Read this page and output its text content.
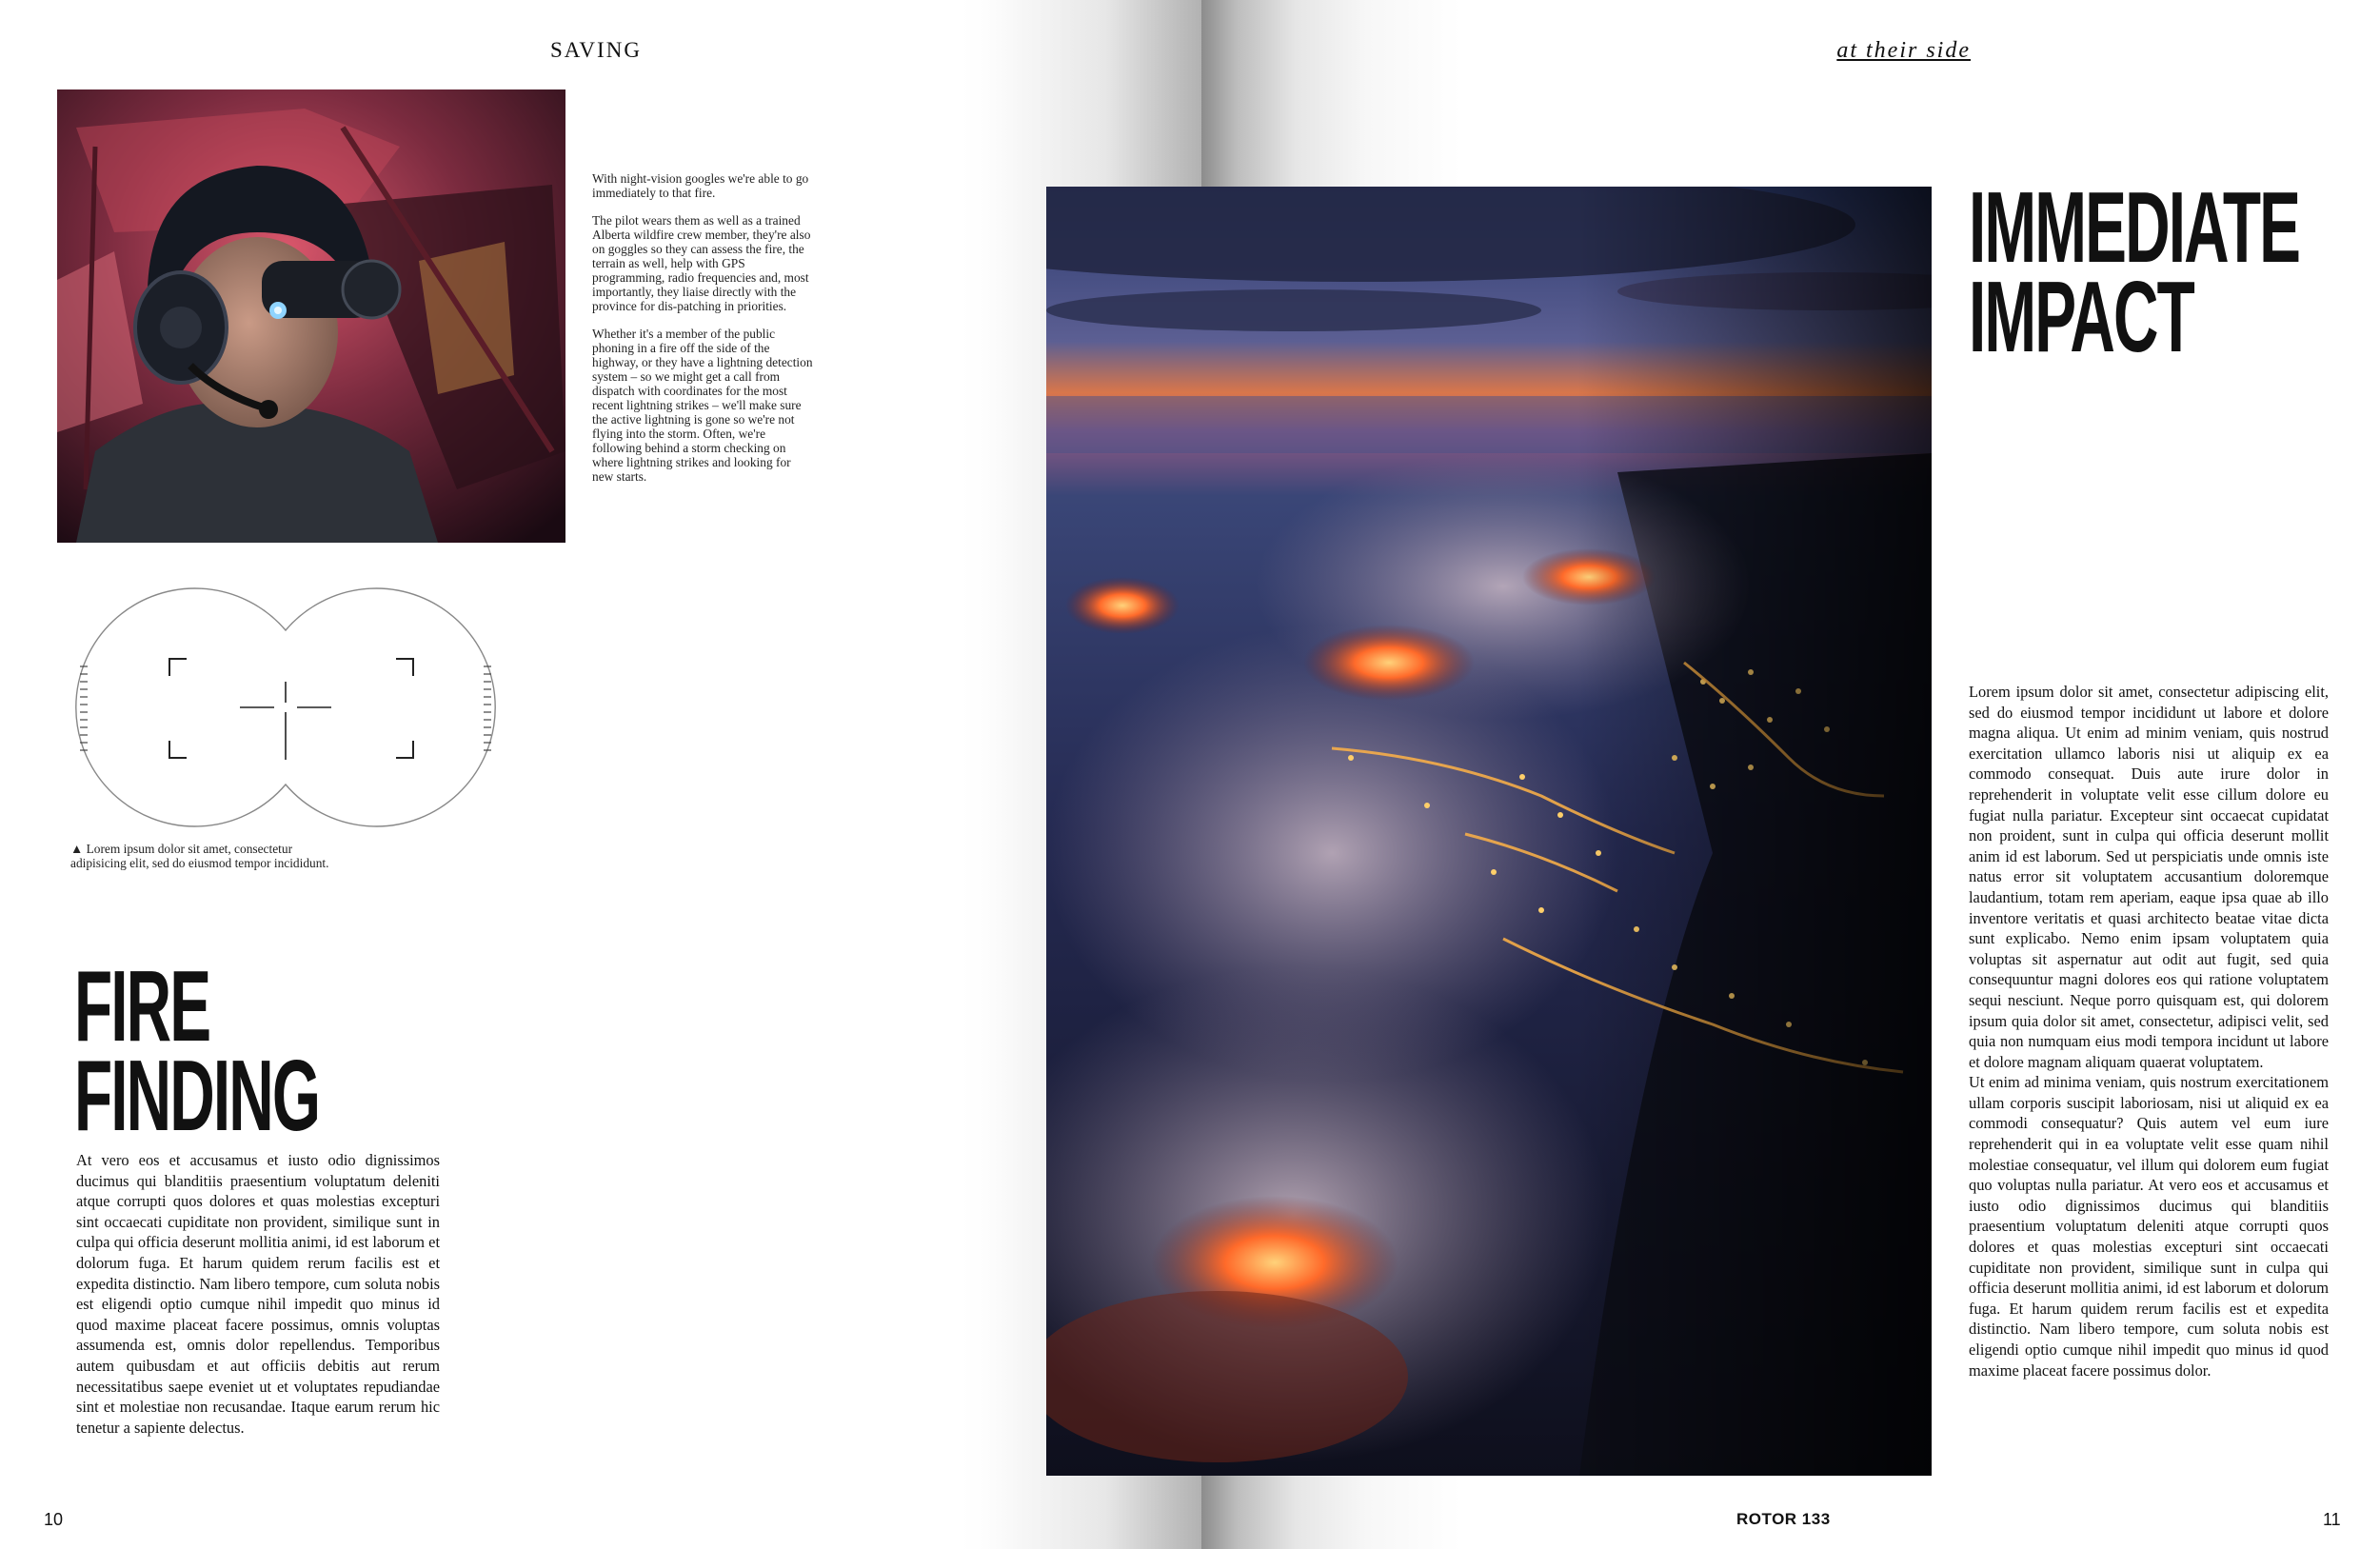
SAVING

With night-vision googles we're able to go immediately to that fire.

The pilot wears them as well as a trained Alberta wildfire crew member, they're also on goggles so they can assess the fire, the terrain as well, help with GPS programming, radio frequencies and, most importantly, they liaise directly with the province for dis-patching in priorities.

Whether it's a member of the public phoning in a fire off the side of the highway, or they have a lightning detection system – so we might get a call from dispatch with coordinates for the most recent lightning strikes – we'll make sure the active lightning is gone so we're not flying into the storm. Often, we're following behind a storm checking on where lightning strikes and looking for new starts.

▲ Lorem ipsum dolor sit amet, consectetur adipisicing elit, sed do eiusmod tempor incididunt.
FIRE
FINDING
At vero eos et accusamus et iusto odio dignissimos ducimus qui blanditiis praesentium voluptatum deleniti atque corrupti quos dolores et quas molestias excepturi sint occaecati cupiditate non provident, similique sunt in culpa qui officia deserunt mollitia animi, id est laborum et dolorum fuga. Et harum quidem rerum facilis est et expedita distinctio. Nam libero tempore, cum soluta nobis est eligendi optio cumque nihil impedit quo minus id quod maxime placeat facere possimus, omnis voluptas assumenda est, omnis dolor repellendus. Temporibus autem quibusdam et aut officiis debitis aut rerum necessitatibus saepe eveniet ut et voluptates repudiandae sint et molestiae non recusandae. Itaque earum rerum hic tenetur a sapiente delectus.
10
at their side
IMMEDIATE
IMPACT

Lorem ipsum dolor sit amet, consectetur adipiscing elit, sed do eiusmod tempor incididunt ut labore et dolore magna aliqua. Ut enim ad minim veniam, quis nostrud exercitation ullamco laboris nisi ut aliquip ex ea commodo consequat. Duis aute irure dolor in reprehenderit in voluptate velit esse cillum dolore eu fugiat nulla pariatur. Excepteur sint occaecat cupidatat non proident, sunt in culpa qui officia deserunt mollit anim id est laborum. Sed ut perspiciatis unde omnis iste natus error sit voluptatem accusantium doloremque laudantium, totam rem aperiam, eaque ipsa quae ab illo inventore veritatis et quasi architecto beatae vitae dicta sunt explicabo. Nemo enim ipsam voluptatem quia voluptas sit aspernatur aut odit aut fugit, sed quia consequuntur magni dolores eos qui ratione voluptatem sequi nesciunt. Neque porro quisquam est, qui dolorem ipsum quia dolor sit amet, consectetur, adipisci velit, sed quia non numquam eius modi tempora incidunt ut labore et dolore magnam aliquam quaerat voluptatem.

Ut enim ad minima veniam, quis nostrum exercitationem ullam corporis suscipit laboriosam, nisi ut aliquid ex ea commodi consequatur? Quis autem vel eum iure reprehenderit qui in ea voluptate velit esse quam nihil molestiae consequatur, vel illum qui dolorem eum fugiat quo voluptas nulla pariatur. At vero eos et accusamus et iusto odio dignissimos ducimus qui blanditiis praesentium voluptatum deleniti atque corrupti quos dolores et quas molestias excepturi sint occaecati cupiditate non provident, similique sunt in culpa qui officia deserunt mollitia animi, id est laborum et dolorum fuga. Et harum quidem rerum facilis est et expedita distinctio. Nam libero tempore, cum soluta nobis est eligendi optio cumque nihil impedit quo minus id quod maxime placeat facere possimus dolor.

ROTOR 133	11
